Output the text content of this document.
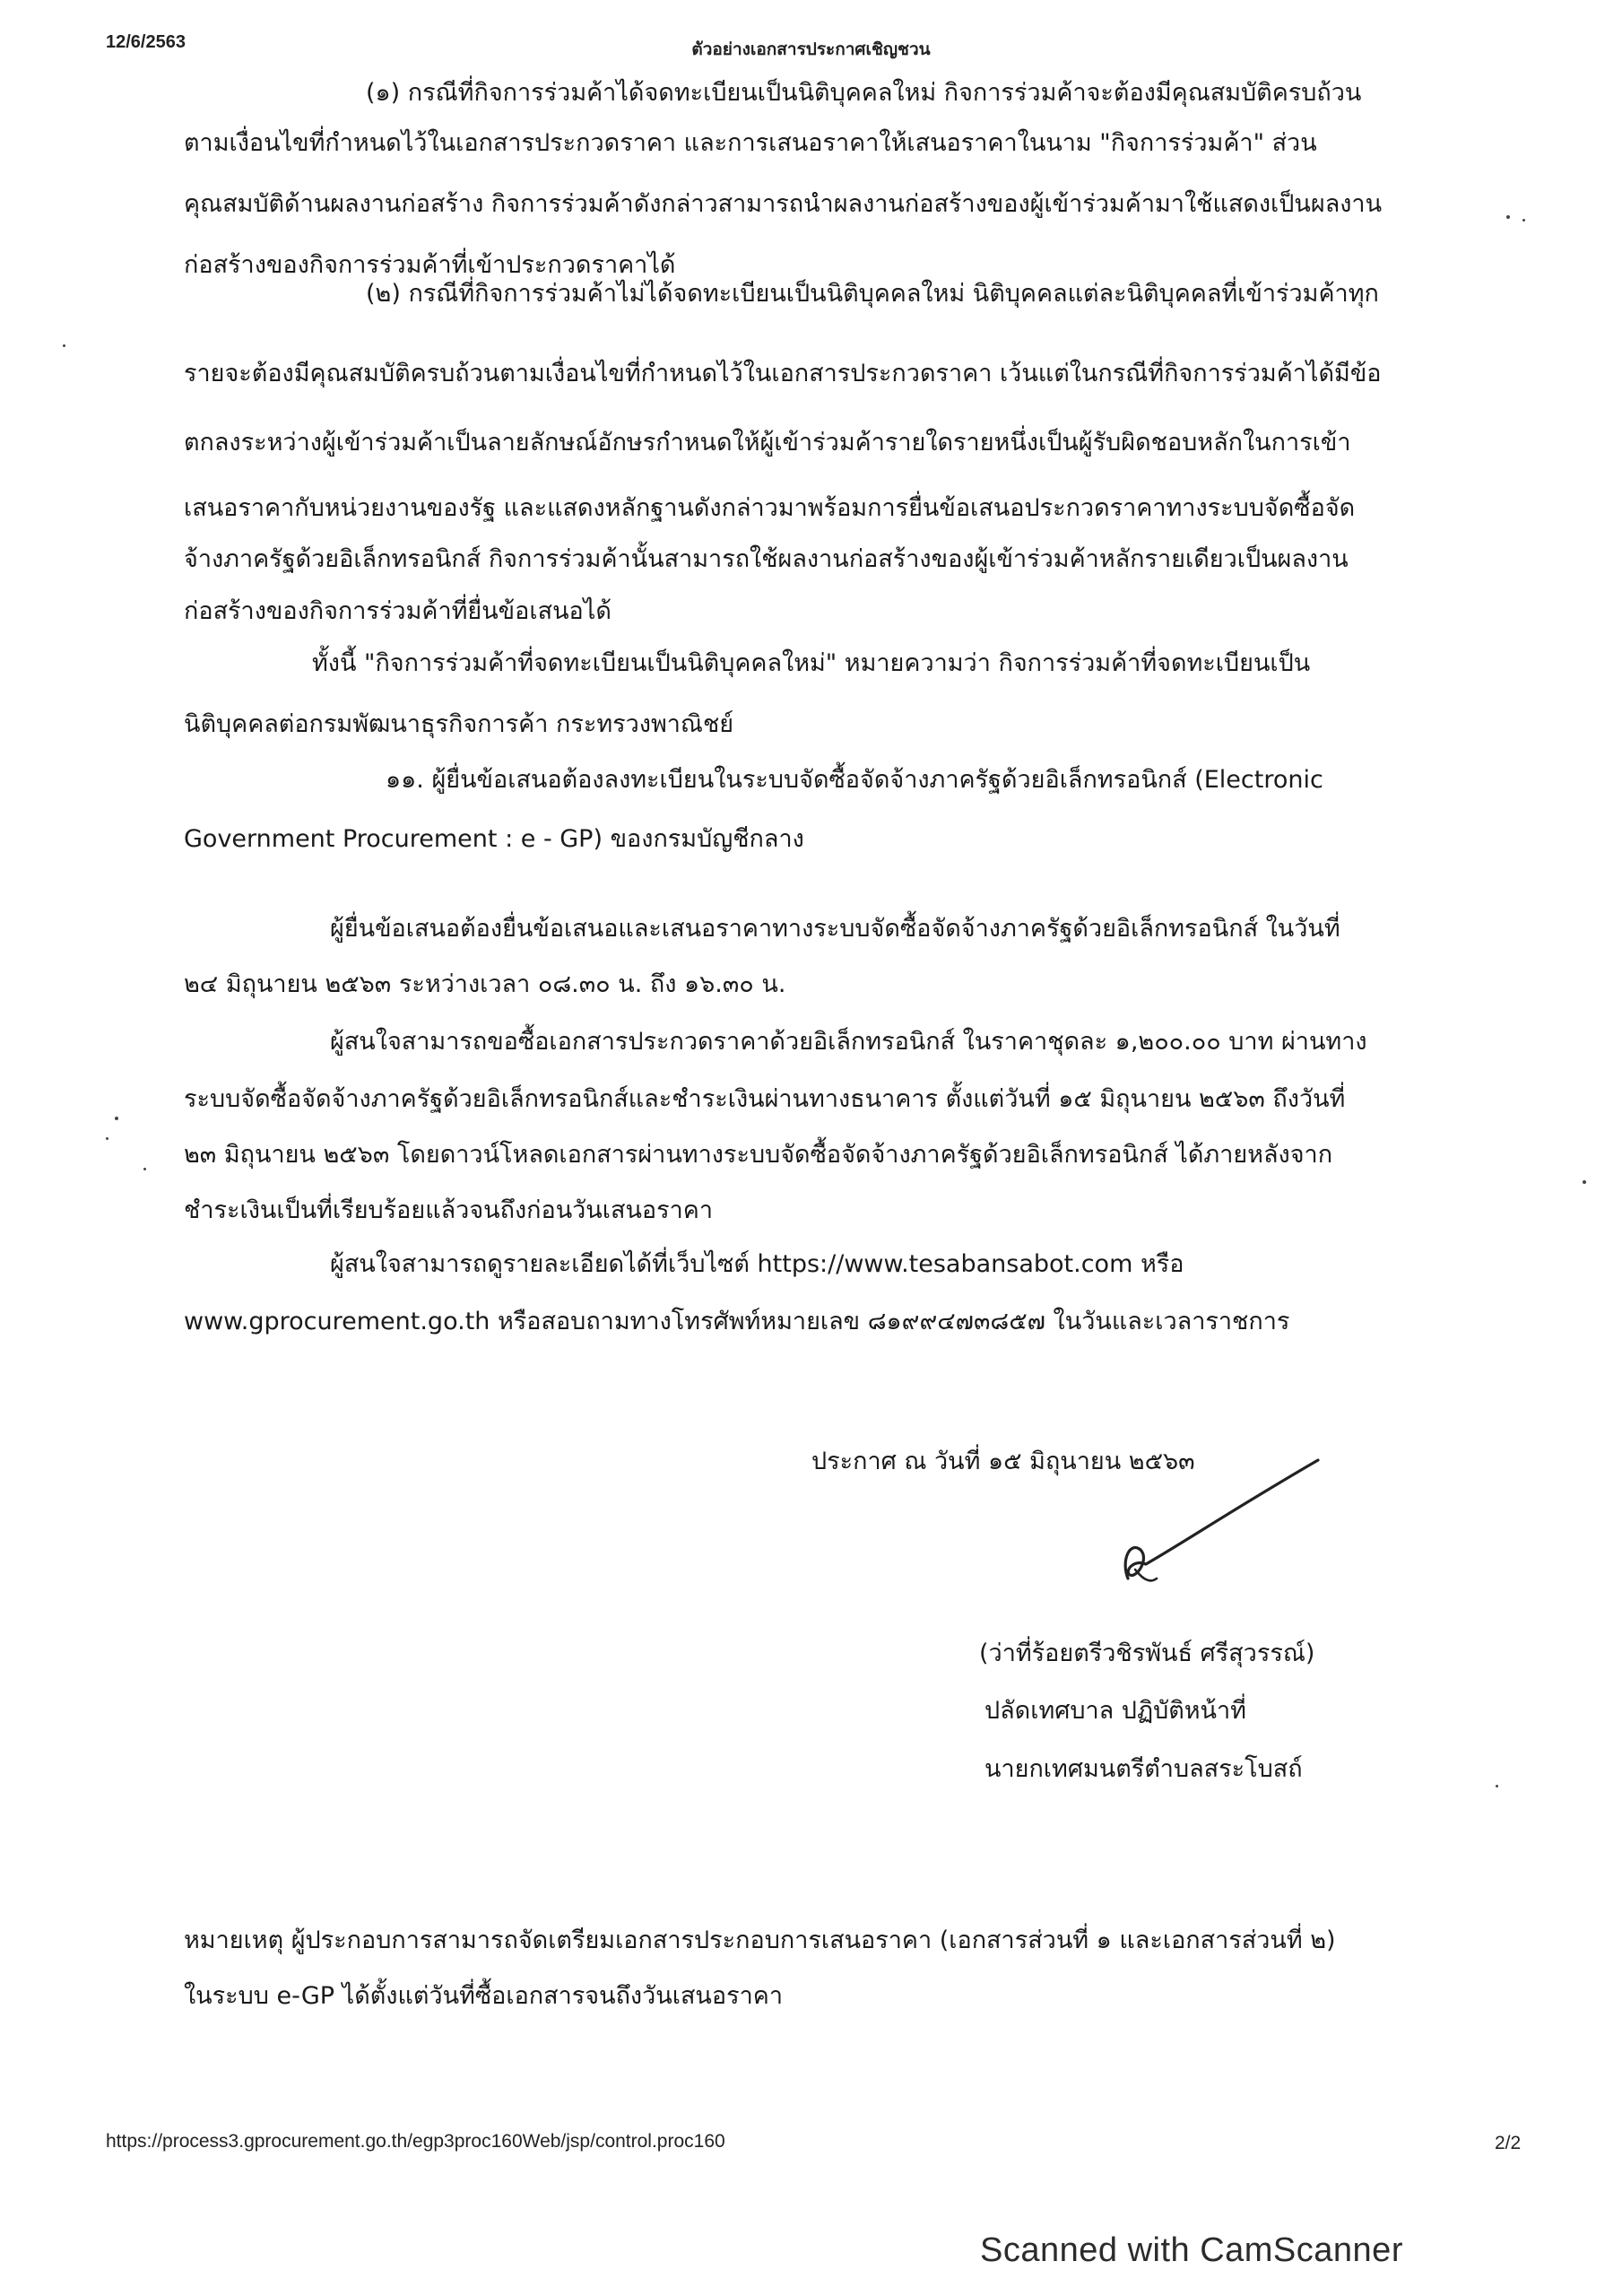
12/6/2563	ตัวอย่างเอกสารประกาศเชิญชวน
(๑) กรณีที่กิจการร่วมค้าได้จดทะเบียนเป็นนิติบุคคลใหม่ กิจการร่วมค้าจะต้องมีคุณสมบัติครบถ้วน
ตามเงื่อนไขที่กำหนดไว้ในเอกสารประกวดราคา และการเสนอราคาให้เสนอราคาในนาม "กิจการร่วมค้า" ส่วน
คุณสมบัติด้านผลงานก่อสร้าง กิจการร่วมค้าดังกล่าวสามารถนำผลงานก่อสร้างของผู้เข้าร่วมค้ามาใช้แสดงเป็นผลงาน
ก่อสร้างของกิจการร่วมค้าที่เข้าประกวดราคาได้
(๒) กรณีที่กิจการร่วมค้าไม่ได้จดทะเบียนเป็นนิติบุคคลใหม่ นิติบุคคลแต่ละนิติบุคคลที่เข้าร่วมค้าทุก
รายจะต้องมีคุณสมบัติครบถ้วนตามเงื่อนไขที่กำหนดไว้ในเอกสารประกวดราคา เว้นแต่ในกรณีที่กิจการร่วมค้าได้มีข้อ
ตกลงระหว่างผู้เข้าร่วมค้าเป็นลายลักษณ์อักษรกำหนดให้ผู้เข้าร่วมค้ารายใดรายหนึ่งเป็นผู้รับผิดชอบหลักในการเข้า
เสนอราคากับหน่วยงานของรัฐ และแสดงหลักฐานดังกล่าวมาพร้อมการยื่นข้อเสนอประกวดราคาทางระบบจัดซื้อจัด
จ้างภาครัฐด้วยอิเล็กทรอนิกส์ กิจการร่วมค้านั้นสามารถใช้ผลงานก่อสร้างของผู้เข้าร่วมค้าหลักรายเดียวเป็นผลงาน
ก่อสร้างของกิจการร่วมค้าที่ยื่นข้อเสนอได้
ทั้งนี้ "กิจการร่วมค้าที่จดทะเบียนเป็นนิติบุคคลใหม่" หมายความว่า กิจการร่วมค้าที่จดทะเบียนเป็น
นิติบุคคลต่อกรมพัฒนาธุรกิจการค้า กระทรวงพาณิชย์
๑๑. ผู้ยื่นข้อเสนอต้องลงทะเบียนในระบบจัดซื้อจัดจ้างภาครัฐด้วยอิเล็กทรอนิกส์ (Electronic
Government Procurement : e - GP) ของกรมบัญชีกลาง
ผู้ยื่นข้อเสนอต้องยื่นข้อเสนอและเสนอราคาทางระบบจัดซื้อจัดจ้างภาครัฐด้วยอิเล็กทรอนิกส์ ในวันที่
๒๔ มิถุนายน ๒๕๖๓ ระหว่างเวลา ๐๘.๓๐ น. ถึง ๑๖.๓๐ น.
ผู้สนใจสามารถขอซื้อเอกสารประกวดราคาด้วยอิเล็กทรอนิกส์ ในราคาชุดละ ๑,๒๐๐.๐๐ บาท ผ่านทาง
ระบบจัดซื้อจัดจ้างภาครัฐด้วยอิเล็กทรอนิกส์และชำระเงินผ่านทางธนาคาร ตั้งแต่วันที่ ๑๕ มิถุนายน ๒๕๖๓ ถึงวันที่
๒๓ มิถุนายน ๒๕๖๓ โดยดาวน์โหลดเอกสารผ่านทางระบบจัดซื้อจัดจ้างภาครัฐด้วยอิเล็กทรอนิกส์ ได้ภายหลังจาก
ชำระเงินเป็นที่เรียบร้อยแล้วจนถึงก่อนวันเสนอราคา
ผู้สนใจสามารถดูรายละเอียดได้ที่เว็บไซต์ https://www.tesabansabot.com หรือ
www.gprocurement.go.th หรือสอบถามทางโทรศัพท์หมายเลข ๘๑๙๙๔๗๓๘๕๗ ในวันและเวลาราชการ
ประกาศ ณ วันที่ ๑๕ มิถุนายน ๒๕๖๓
(ว่าที่ร้อยตรีวชิรพันธ์ ศรีสุวรรณ์)
ปลัดเทศบาล ปฏิบัติหน้าที่
นายกเทศมนตรีตำบลสระโบสถ์
หมายเหตุ ผู้ประกอบการสามารถจัดเตรียมเอกสารประกอบการเสนอราคา (เอกสารส่วนที่ ๑ และเอกสารส่วนที่ ๒)
ในระบบ e-GP ได้ตั้งแต่วันที่ซื้อเอกสารจนถึงวันเสนอราคา
https://process3.gprocurement.go.th/egp3proc160Web/jsp/control.proc160	2/2
Scanned with CamScanner
